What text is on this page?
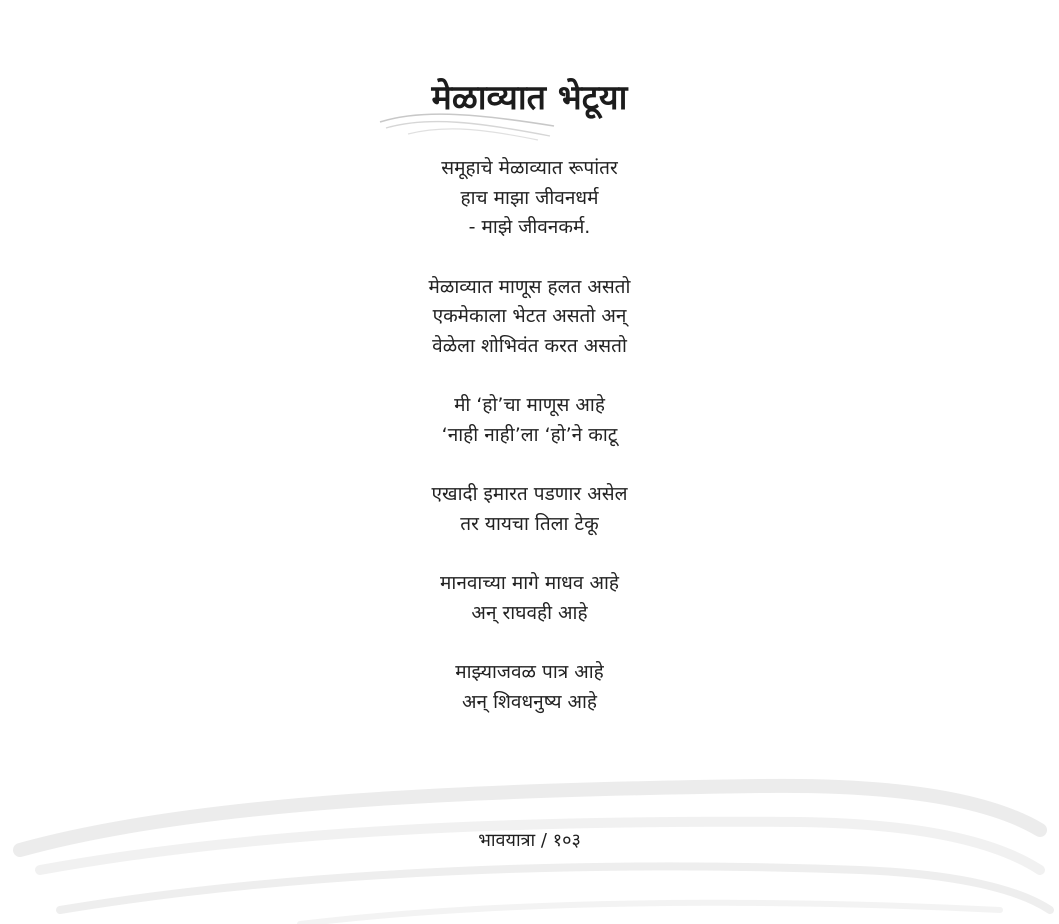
मेळाव्यात भेटूया
समूहाचे मेळाव्यात रूपांतर
हाच माझा जीवनधर्म
- माझे जीवनकर्म.
मेळाव्यात माणूस हलत असतो
एकमेकाला भेटत असतो अन्
वेळेला शोभिवंत करत असतो
मी ‘हो’चा माणूस आहे
‘नाही नाही’ला ‘हो’ने काटू
एखादी इमारत पडणार असेल
तर यायचा तिला टेकू
मानवाच्या मागे माधव आहे
अन् राघवही आहे
माझ्याजवळ पात्र आहे
अन् शिवधनुष्य आहे
भावयात्रा / १०३
